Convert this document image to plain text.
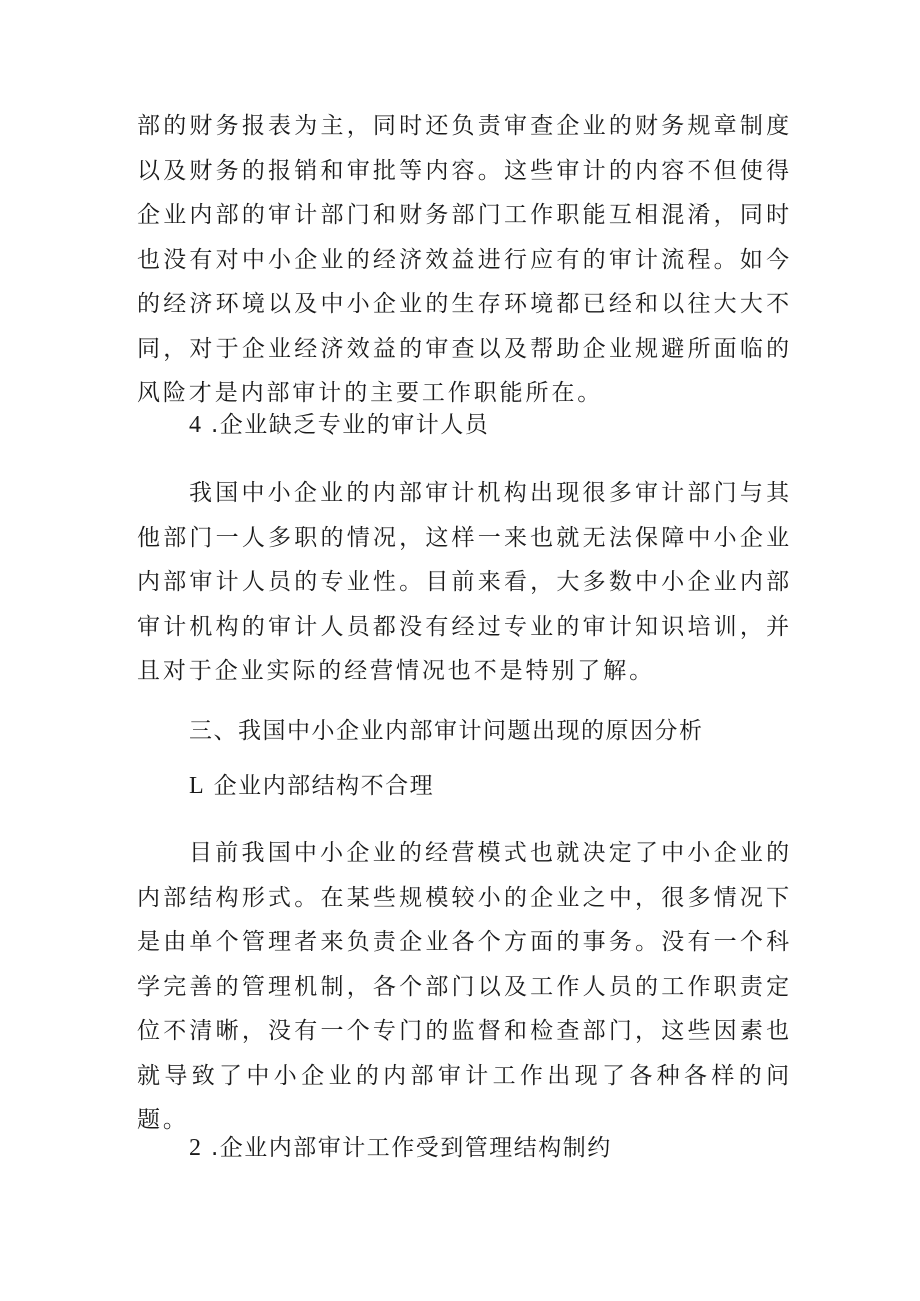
部的财务报表为主，同时还负责审查企业的财务规章制度以及财务的报销和审批等内容。这些审计的内容不但使得企业内部的审计部门和财务部门工作职能互相混淆，同时也没有对中小企业的经济效益进行应有的审计流程。如今的经济环境以及中小企业的生存环境都已经和以往大大不同，对于企业经济效益的审查以及帮助企业规避所面临的风险才是内部审计的主要工作职能所在。

4 .企业缺乏专业的审计人员

我国中小企业的内部审计机构出现很多审计部门与其他部门一人多职的情况，这样一来也就无法保障中小企业内部审计人员的专业性。目前来看，大多数中小企业内部审计机构的审计人员都没有经过专业的审计知识培训，并且对于企业实际的经营情况也不是特别了解。

三、我国中小企业内部审计问题出现的原因分析

L 企业内部结构不合理

目前我国中小企业的经营模式也就决定了中小企业的内部结构形式。在某些规模较小的企业之中，很多情况下是由单个管理者来负责企业各个方面的事务。没有一个科学完善的管理机制，各个部门以及工作人员的工作职责定位不清晰，没有一个专门的监督和检查部门，这些因素也就导致了中小企业的内部审计工作出现了各种各样的问题。

2 .企业内部审计工作受到管理结构制约
